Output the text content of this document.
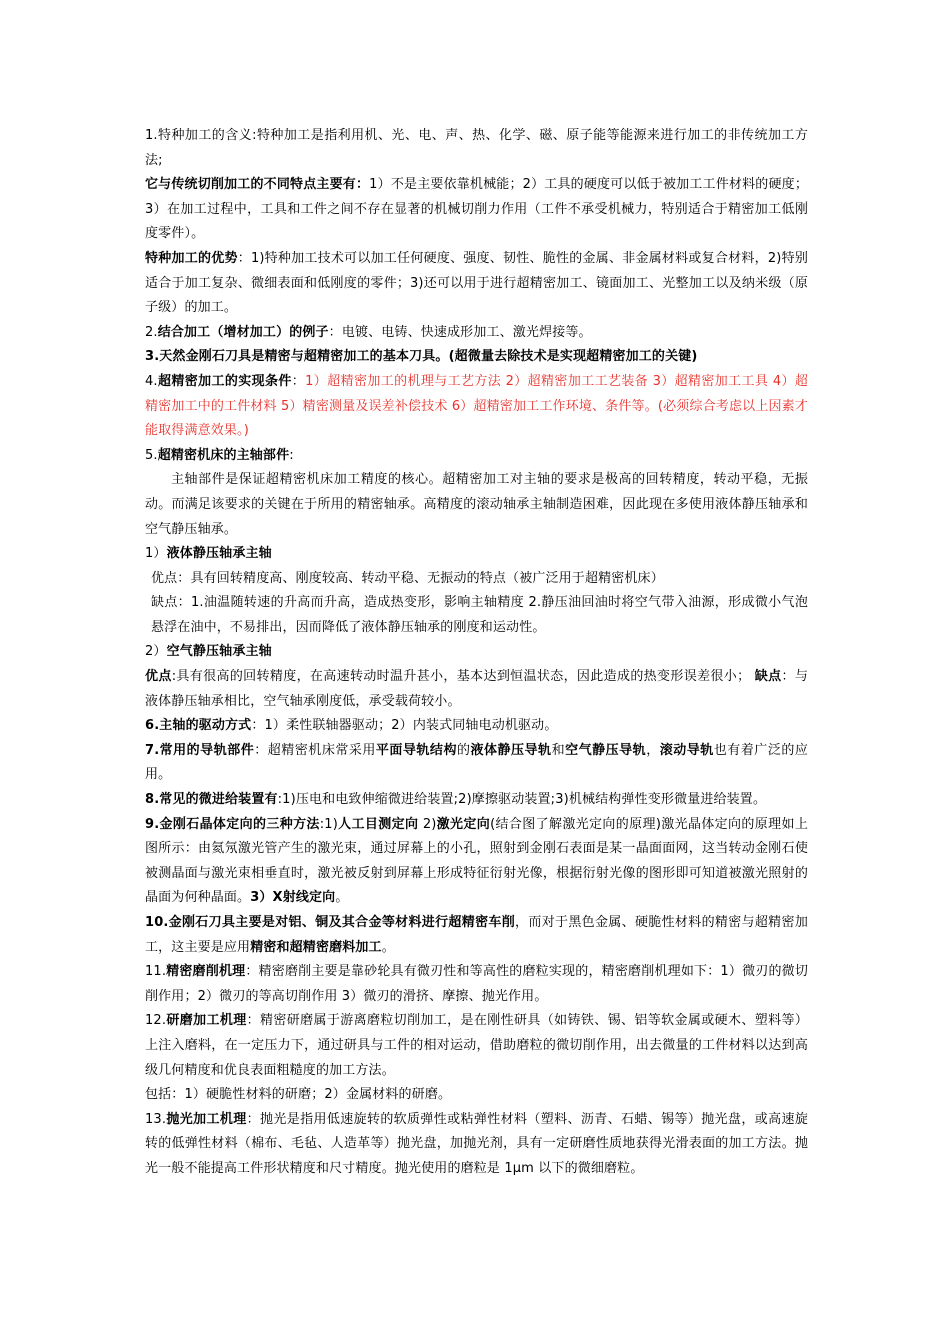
1.特种加工的含义:特种加工是指利用机、光、电、声、热、化学、磁、原子能等能源来进行加工的非传统加工方法;

它与传统切削加工的不同特点主要有：1）不是主要依靠机械能；2）工具的硬度可以低于被加工工件材料的硬度；3）在加工过程中，工具和工件之间不存在显著的机械切削力作用（工件不承受机械力，特别适合于精密加工低刚度零件）。

特种加工的优势：1)特种加工技术可以加工任何硬度、强度、韧性、脆性的金属、非金属材料或复合材料，2)特别适合于加工复杂、微细表面和低刚度的零件；3)还可以用于进行超精密加工、镜面加工、光整加工以及纳米级（原子级）的加工。

2.结合加工（增材加工）的例子：电镀、电铸、快速成形加工、激光焊接等。

3.天然金刚石刀具是精密与超精密加工的基本刀具。(超微量去除技术是实现超精密加工的关键)

4.超精密加工的实现条件：1）超精密加工的机理与工艺方法 2）超精密加工工艺装备 3）超精密加工工具 4）超精密加工中的工件材料 5）精密测量及误差补偿技术 6）超精密加工工作环境、条件等。(必须综合考虑以上因素才能取得满意效果。)

5.超精密机床的主轴部件:

主轴部件是保证超精密机床加工精度的核心。超精密加工对主轴的要求是极高的回转精度，转动平稳，无振动。而满足该要求的关键在于所用的精密轴承。高精度的滚动轴承主轴制造困难，因此现在多使用液体静压轴承和空气静压轴承。

1）液体静压轴承主轴

优点：具有回转精度高、刚度较高、转动平稳、无振动的特点（被广泛用于超精密机床）

缺点：1.油温随转速的升高而升高，造成热变形，影响主轴精度 2.静压油回油时将空气带入油源，形成微小气泡悬浮在油中，不易排出，因而降低了液体静压轴承的刚度和运动性。

2）空气静压轴承主轴

优点:具有很高的回转精度，在高速转动时温升甚小，基本达到恒温状态，因此造成的热变形误差很小； 缺点：与液体静压轴承相比，空气轴承刚度低，承受载荷较小。

6.主轴的驱动方式：1）柔性联轴器驱动；2）内装式同轴电动机驱动。

7.常用的导轨部件：超精密机床常采用平面导轨结构的液体静压导轨和空气静压导轨，滚动导轨也有着广泛的应用。

8.常见的微进给装置有:1)压电和电致伸缩微进给装置;2)摩擦驱动装置;3)机械结构弹性变形微量进给装置。

9.金刚石晶体定向的三种方法:1)人工目测定向 2)激光定向(结合图了解激光定向的原理)激光晶体定向的原理如上图所示：由氦氖激光管产生的激光束，通过屏幕上的小孔，照射到金刚石表面是某一晶面面网，这当转动金刚石使被测晶面与激光束相垂直时，激光被反射到屏幕上形成特征衍射光像，根据衍射光像的图形即可知道被激光照射的晶面为何种晶面。3）X射线定向。

10.金刚石刀具主要是对铝、铜及其合金等材料进行超精密车削，而对于黑色金属、硬脆性材料的精密与超精密加工，这主要是应用精密和超精密磨料加工。

11.精密磨削机理：精密磨削主要是靠砂轮具有微刃性和等高性的磨粒实现的，精密磨削机理如下：1）微刃的微切削作用；2）微刃的等高切削作用 3）微刃的滑挤、摩擦、抛光作用。

12.研磨加工机理：精密研磨属于游离磨粒切削加工，是在刚性研具（如铸铁、锡、铝等软金属或硬木、塑料等）上注入磨料，在一定压力下，通过研具与工件的相对运动，借助磨粒的微切削作用，出去微量的工件材料以达到高级几何精度和优良表面粗糙度的加工方法。

包括：1）硬脆性材料的研磨；2）金属材料的研磨。

13.抛光加工机理：抛光是指用低速旋转的软质弹性或粘弹性材料（塑料、沥青、石蜡、锡等）抛光盘，或高速旋转的低弹性材料（棉布、毛毡、人造革等）抛光盘，加抛光剂，具有一定研磨性质地获得光滑表面的加工方法。抛光一般不能提高工件形状精度和尺寸精度。抛光使用的磨粒是 1μm 以下的微细磨粒。
